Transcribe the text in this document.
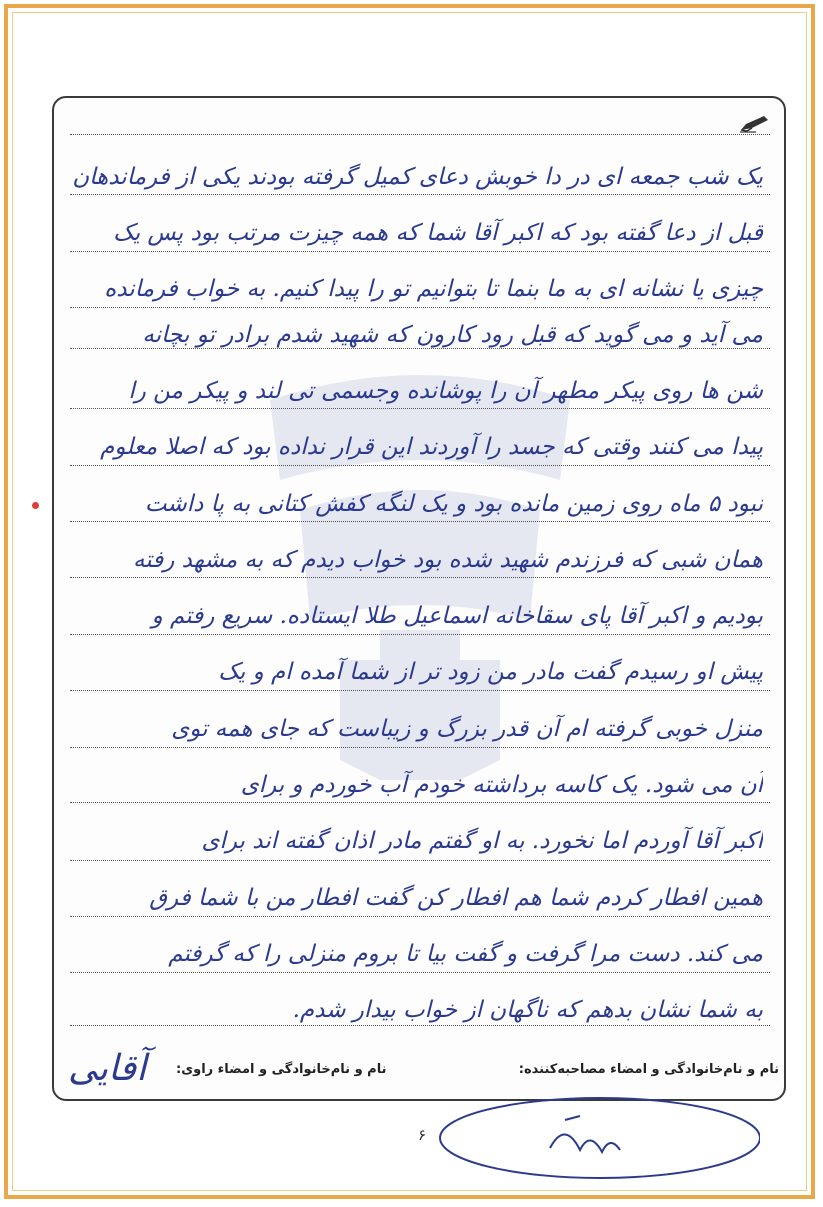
یک شب جمعه ای در دا خوبش دعای کمیل گرفته بودند یکی از فرماندهان
قبل از دعا گفته بود که اکبر آقا شما که همه چیزت مرتب بود پس یک
چیزی یا نشانه ای به ما بنما تا بتوانیم تو را پیدا کنیم. به خواب فرمانده
می آید و می گوید که قبل رود کارون که شهید شدم برادر تو بچانه
شن ها روی پیکر مطهر آن را پوشانده وجسمی تی لند و پیکر من را
پیدا می کنند وقتی که جسد را آوردند این قرار نداده بود که اصلا معلوم
نبود ۵ ماه روی زمین مانده بود و یک لنگه کفش کتانی به پا داشت
همان شبی که فرزندم شهید شده بود خواب دیدم که به مشهد رفته
بودیم و اکبر آقا پای سقاخانه اسماعیل طلا ایستاده. سریع رفتم و
پیش او رسیدم گفت مادر من زود تر از شما آمده ام و یک
منزل خوبی گرفته ام آن قدر بزرگ و زیباست که جای همه توی
آن می شود. یک کاسه برداشته خودم آب خوردم و برای
اکبر آقا آوردم اما نخورد. به او گفتم مادر اذان گفته اند برای
همین افطار کردم شما هم افطار کن گفت افطار من با شما فرق
می کند. دست مرا گرفت و گفت بیا تا بروم منزلی را که گرفتم
به شما نشان بدهم که ناگهان از خواب بیدار شدم.
نام و نام‌خانوادگی و امضاء مصاحبه‌کننده:
نام و نام‌خانوادگی و امضاء راوی:
آقایی
۶
